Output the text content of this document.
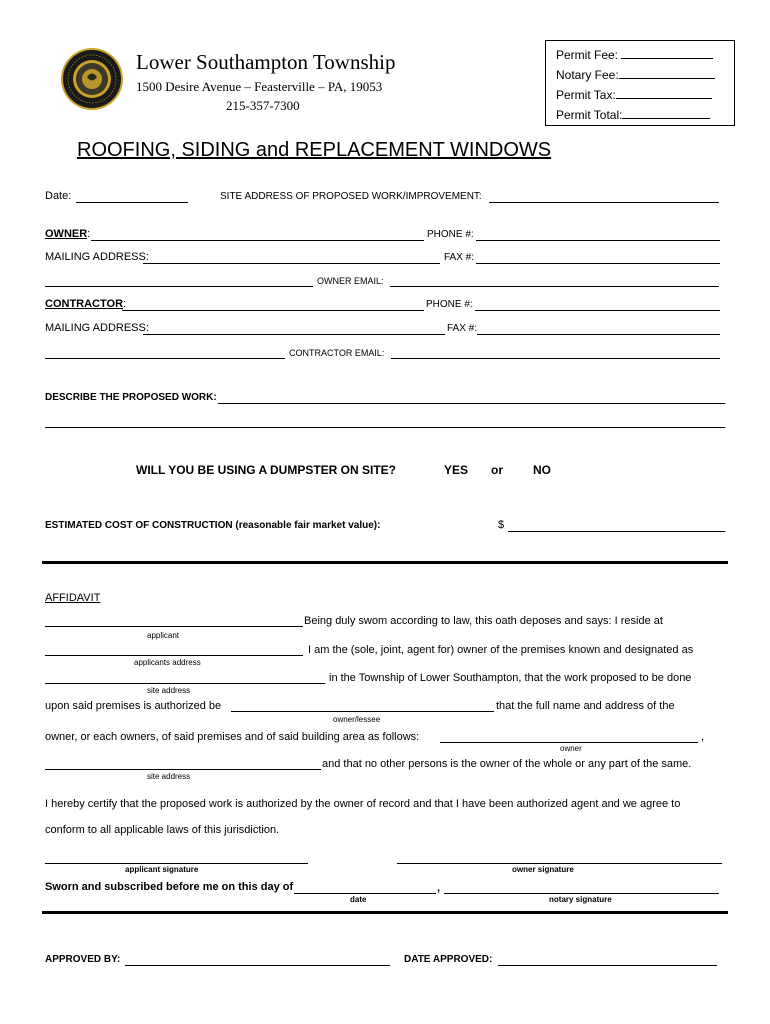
Lower Southampton Township
1500 Desire Avenue – Feasterville – PA, 19053
215-357-7300
Permit Fee:
Notary Fee:
Permit Tax:
Permit Total:
ROOFING, SIDING and REPLACEMENT WINDOWS
Date:	SITE ADDRESS OF PROPOSED WORK/IMPROVEMENT:
OWNER:	PHONE #:
MAILING ADDRESS:	FAX #:
OWNER EMAIL:
CONTRACTOR:	PHONE #:
MAILING ADDRESS:	FAX #:
CONTRACTOR EMAIL:
DESCRIBE THE PROPOSED WORK:
WILL YOU BE USING A DUMPSTER ON SITE?	YES or	NO
ESTIMATED COST OF CONSTRUCTION (reasonable fair market value):	$
AFFIDAVIT
Being duly swom according to law, this oath deposes and says: I reside at
applicant
I am the (sole, joint, agent for) owner of the premises known and designated as
applicants address
in the Township of Lower Southampton, that the work proposed to be done
site address
upon said premises is authorized be	that the full name and address of the
owner/lessee
owner, or each owners, of said premises and of said building area as follows:	,
owner
and that no other persons is the owner of the whole or any part of the same.
site address
I hereby certify that the proposed work is authorized by the owner of record and that I have been authorized agent and we agree to
conform to all applicable laws of this jurisdiction.
applicant signature	owner signature
Sworn and subscribed before me on this day of	,
date	notary signature
APPROVED BY:	DATE APPROVED:
